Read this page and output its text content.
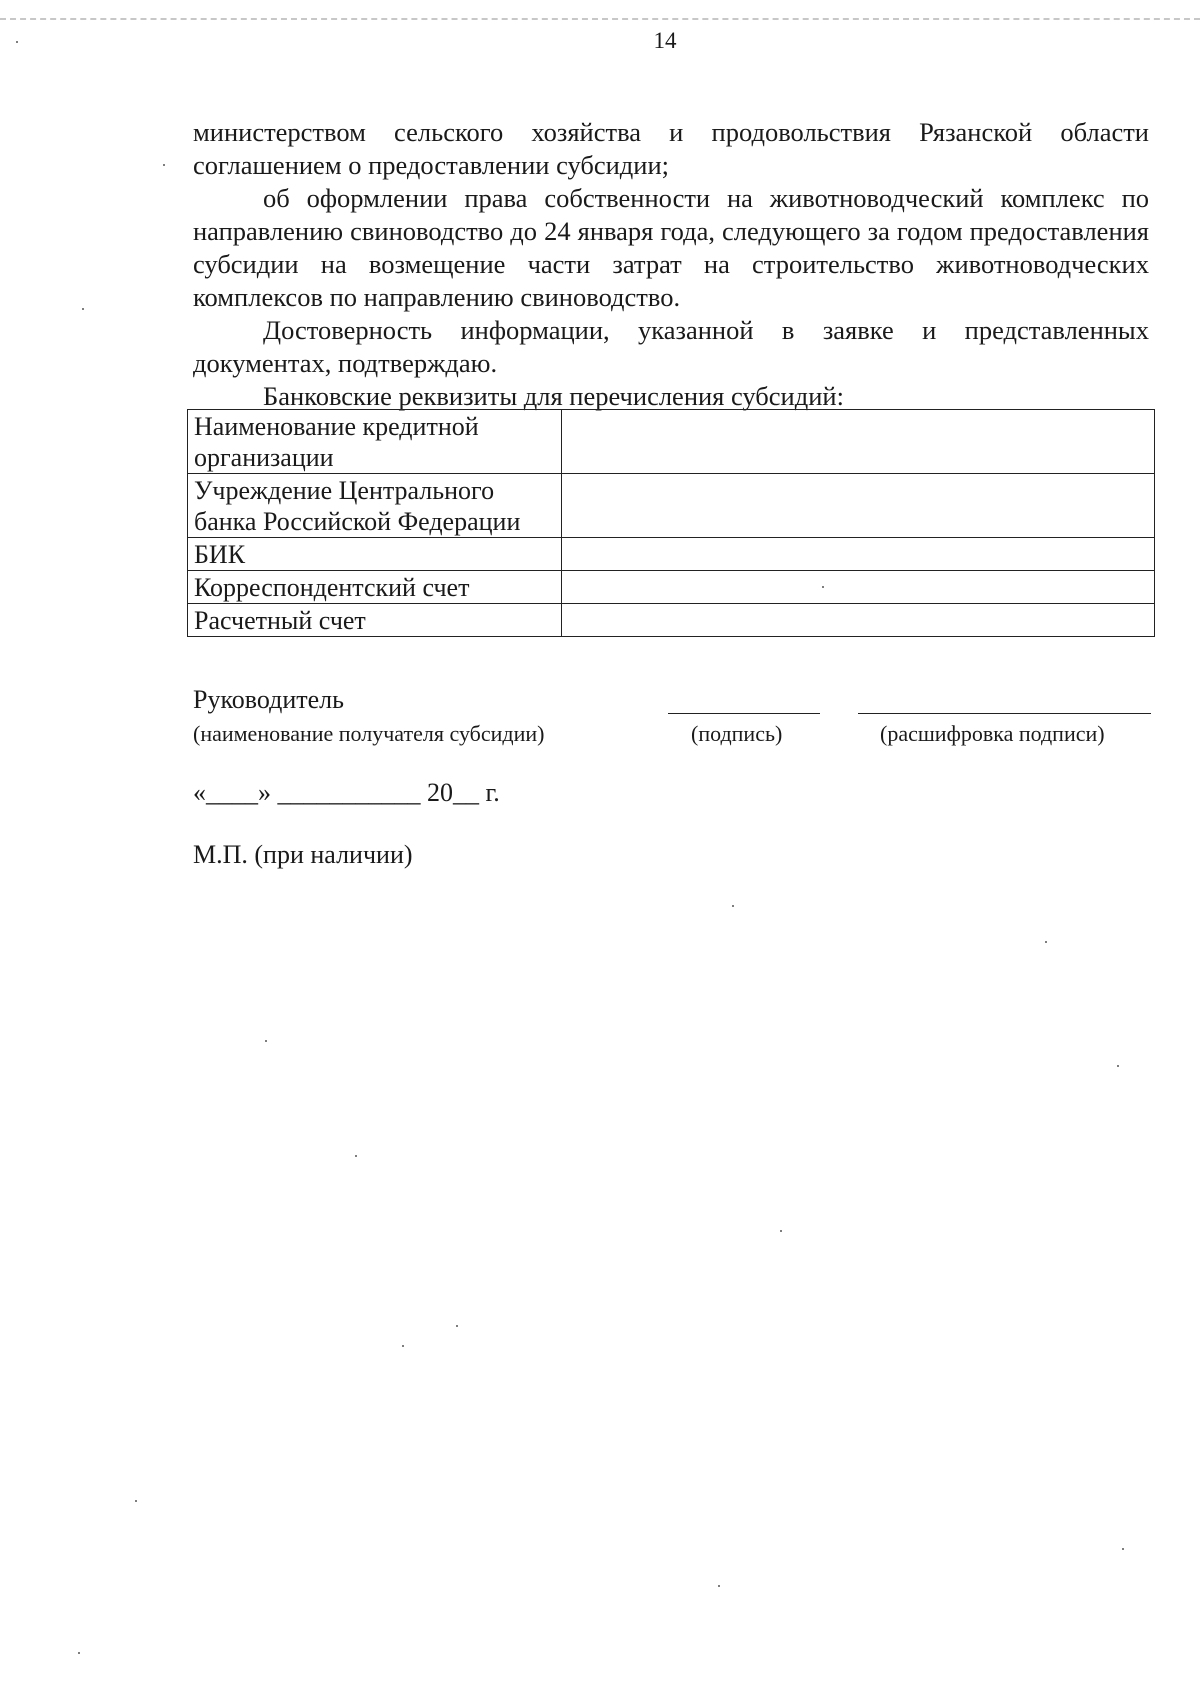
14

министерством сельского хозяйства и продовольствия Рязанской области соглашением о предоставлении субсидии;

об оформлении права собственности на животноводческий комплекс по направлению свиноводство до 24 января года, следующего за годом предоставления субсидии на возмещение части затрат на строительство животноводческих комплексов по направлению свиноводство.

Достоверность информации, указанной в заявке и представленных документах, подтверждаю.

Банковские реквизиты для перечисления субсидий:

Наименование кредитной организации	
Учреждение Центрального банка Российской Федерации	
БИК	
Корреспондентский счет	
Расчетный счет	
Руководитель
(наименование получателя субсидии)	(подпись)	(расшифровка подписи)
«____» ___________ 20__ г.
М.П. (при наличии)
